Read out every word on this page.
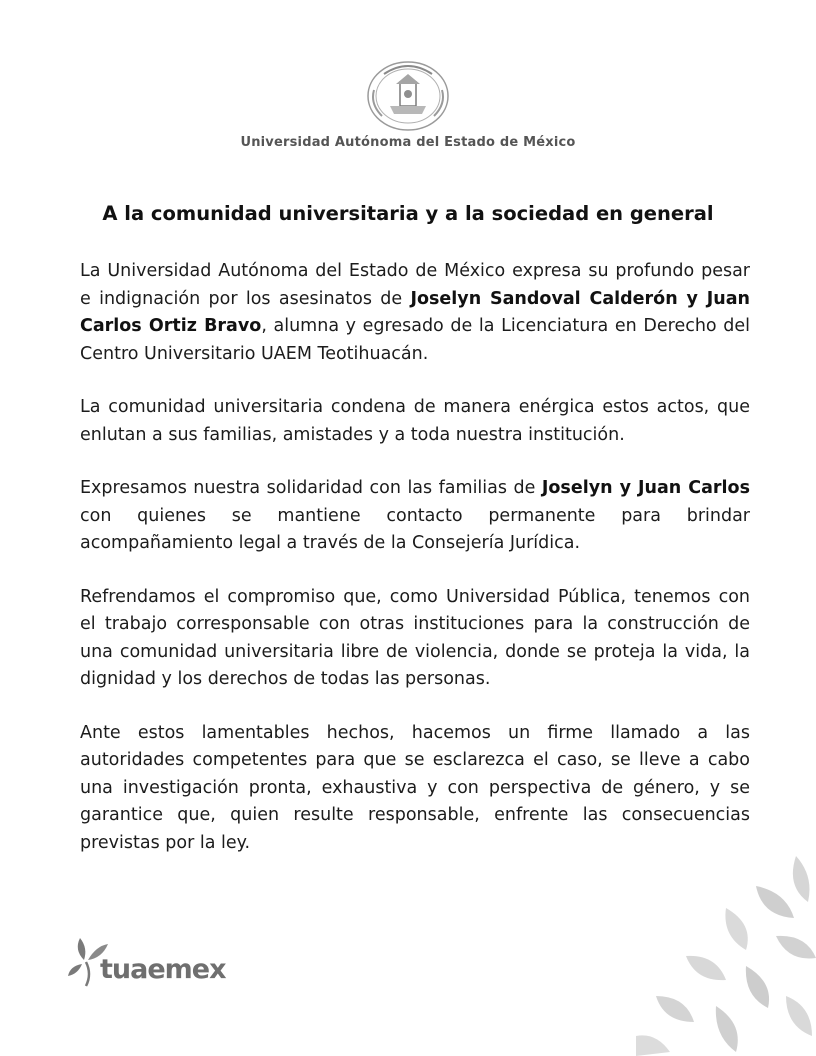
Universidad Autónoma del Estado de México
A la comunidad universitaria y a la sociedad en general

La Universidad Autónoma del Estado de México expresa su profundo pesar e indignación por los asesinatos de Joselyn Sandoval Calderón y Juan Carlos Ortiz Bravo, alumna y egresado de la Licenciatura en Derecho del Centro Universitario UAEM Teotihuacán.

La comunidad universitaria condena de manera enérgica estos actos, que enlutan a sus familias, amistades y a toda nuestra institución.

Expresamos nuestra solidaridad con las familias de Joselyn y Juan Carlos con quienes se mantiene contacto permanente para brindar acompañamiento legal a través de la Consejería Jurídica.

Refrendamos el compromiso que, como Universidad Pública, tenemos con el trabajo corresponsable con otras instituciones para la construcción de una comunidad universitaria libre de violencia, donde se proteja la vida, la dignidad y los derechos de todas las personas.

Ante estos lamentables hechos, hacemos un firme llamado a las autoridades competentes para que se esclarezca el caso, se lleve a cabo una investigación pronta, exhaustiva y con perspectiva de género, y se garantice que, quien resulte responsable, enfrente las consecuencias previstas por la ley.

tuaemex
